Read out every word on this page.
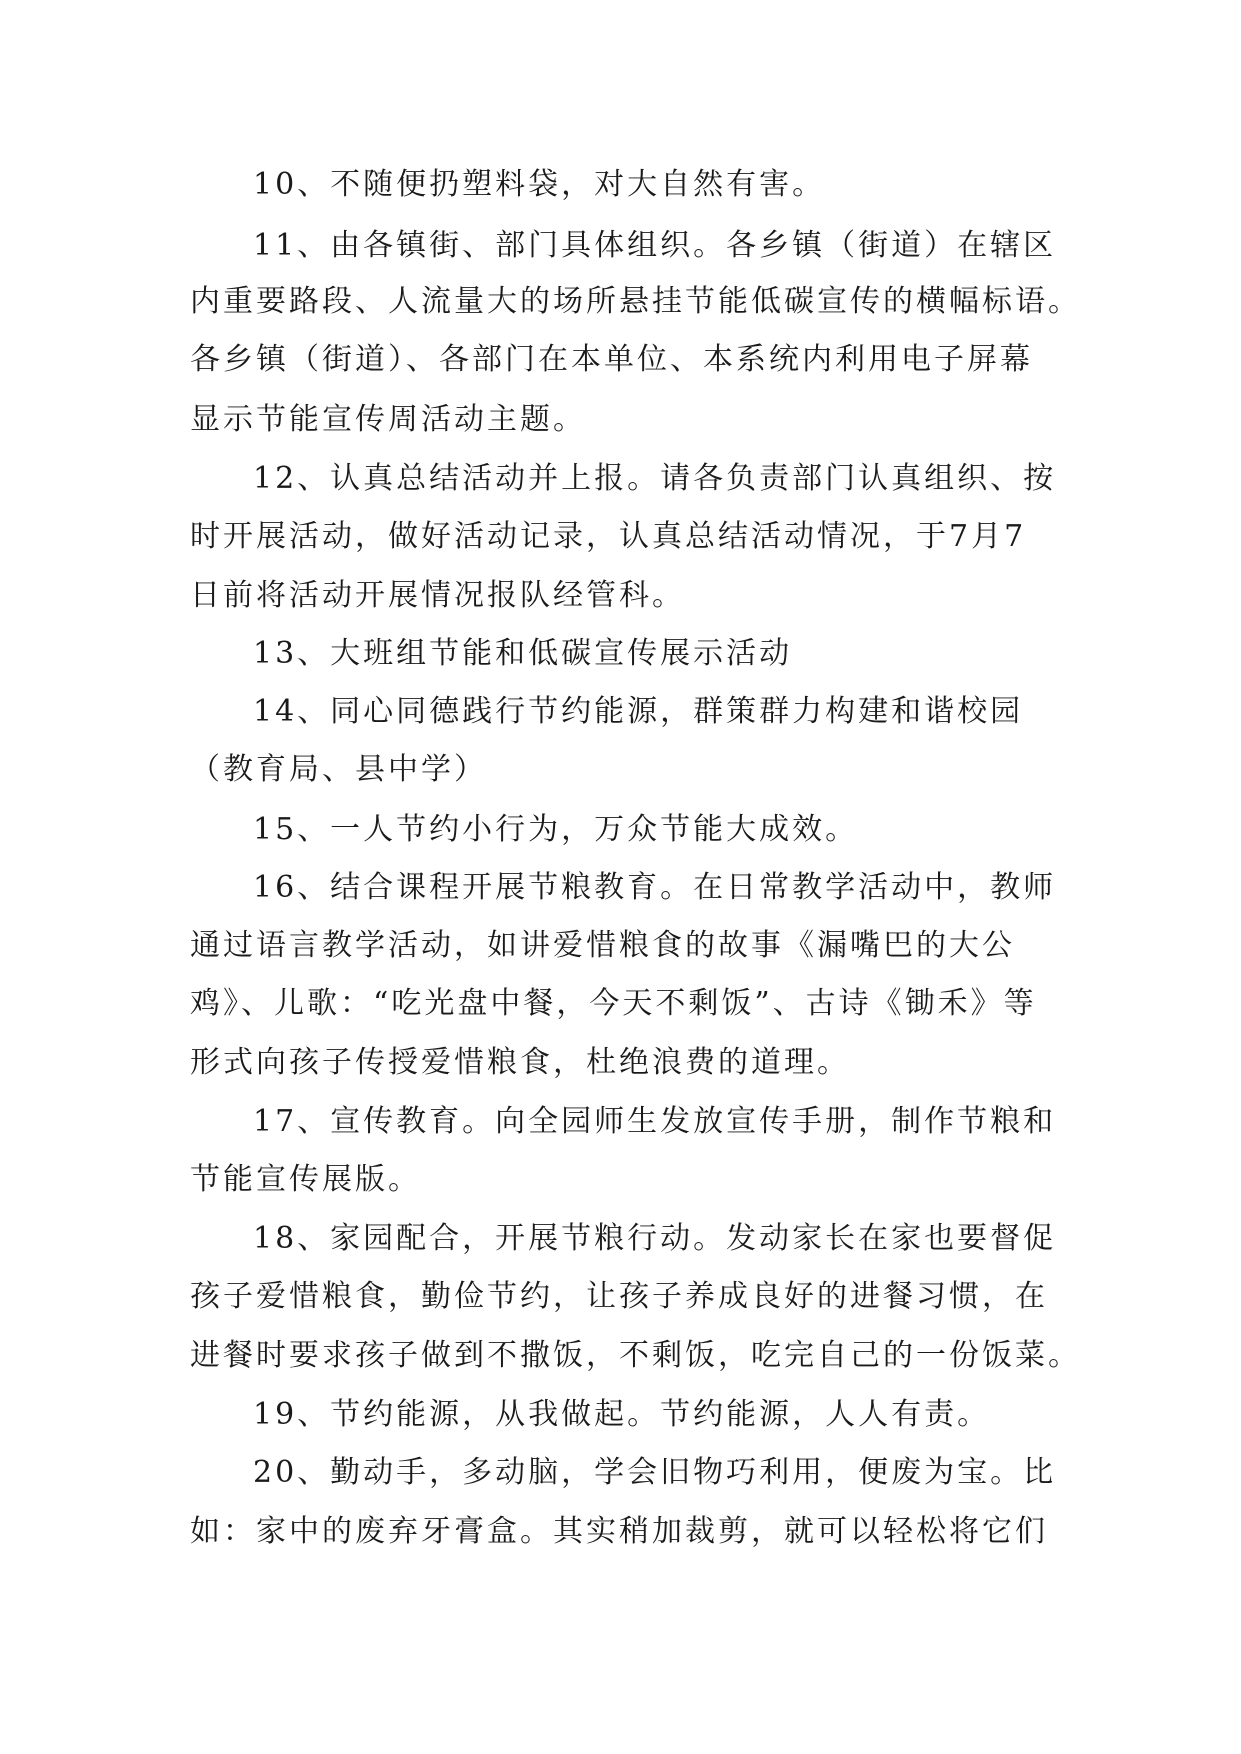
10、不随便扔塑料袋，对大自然有害。
11、由各镇街、部门具体组织。各乡镇（街道）在辖区
内重要路段、人流量大的场所悬挂节能低碳宣传的横幅标语。
各乡镇（街道）、各部门在本单位、本系统内利用电子屏幕
显示节能宣传周活动主题。
12、认真总结活动并上报。请各负责部门认真组织、按
时开展活动，做好活动记录，认真总结活动情况，于7月7
日前将活动开展情况报队经管科。
13、大班组节能和低碳宣传展示活动
14、同心同德践行节约能源，群策群力构建和谐校园
（教育局、县中学）
15、一人节约小行为，万众节能大成效。
16、结合课程开展节粮教育。在日常教学活动中，教师
通过语言教学活动，如讲爱惜粮食的故事《漏嘴巴的大公
鸡》、儿歌：“吃光盘中餐，今天不剩饭”、古诗《锄禾》等
形式向孩子传授爱惜粮食，杜绝浪费的道理。
17、宣传教育。向全园师生发放宣传手册，制作节粮和
节能宣传展版。
18、家园配合，开展节粮行动。发动家长在家也要督促
孩子爱惜粮食，勤俭节约，让孩子养成良好的进餐习惯，在
进餐时要求孩子做到不撒饭，不剩饭，吃完自己的一份饭菜。
19、节约能源，从我做起。节约能源，人人有责。
20、勤动手，多动脑，学会旧物巧利用，便废为宝。比
如：家中的废弃牙膏盒。其实稍加裁剪，就可以轻松将它们
